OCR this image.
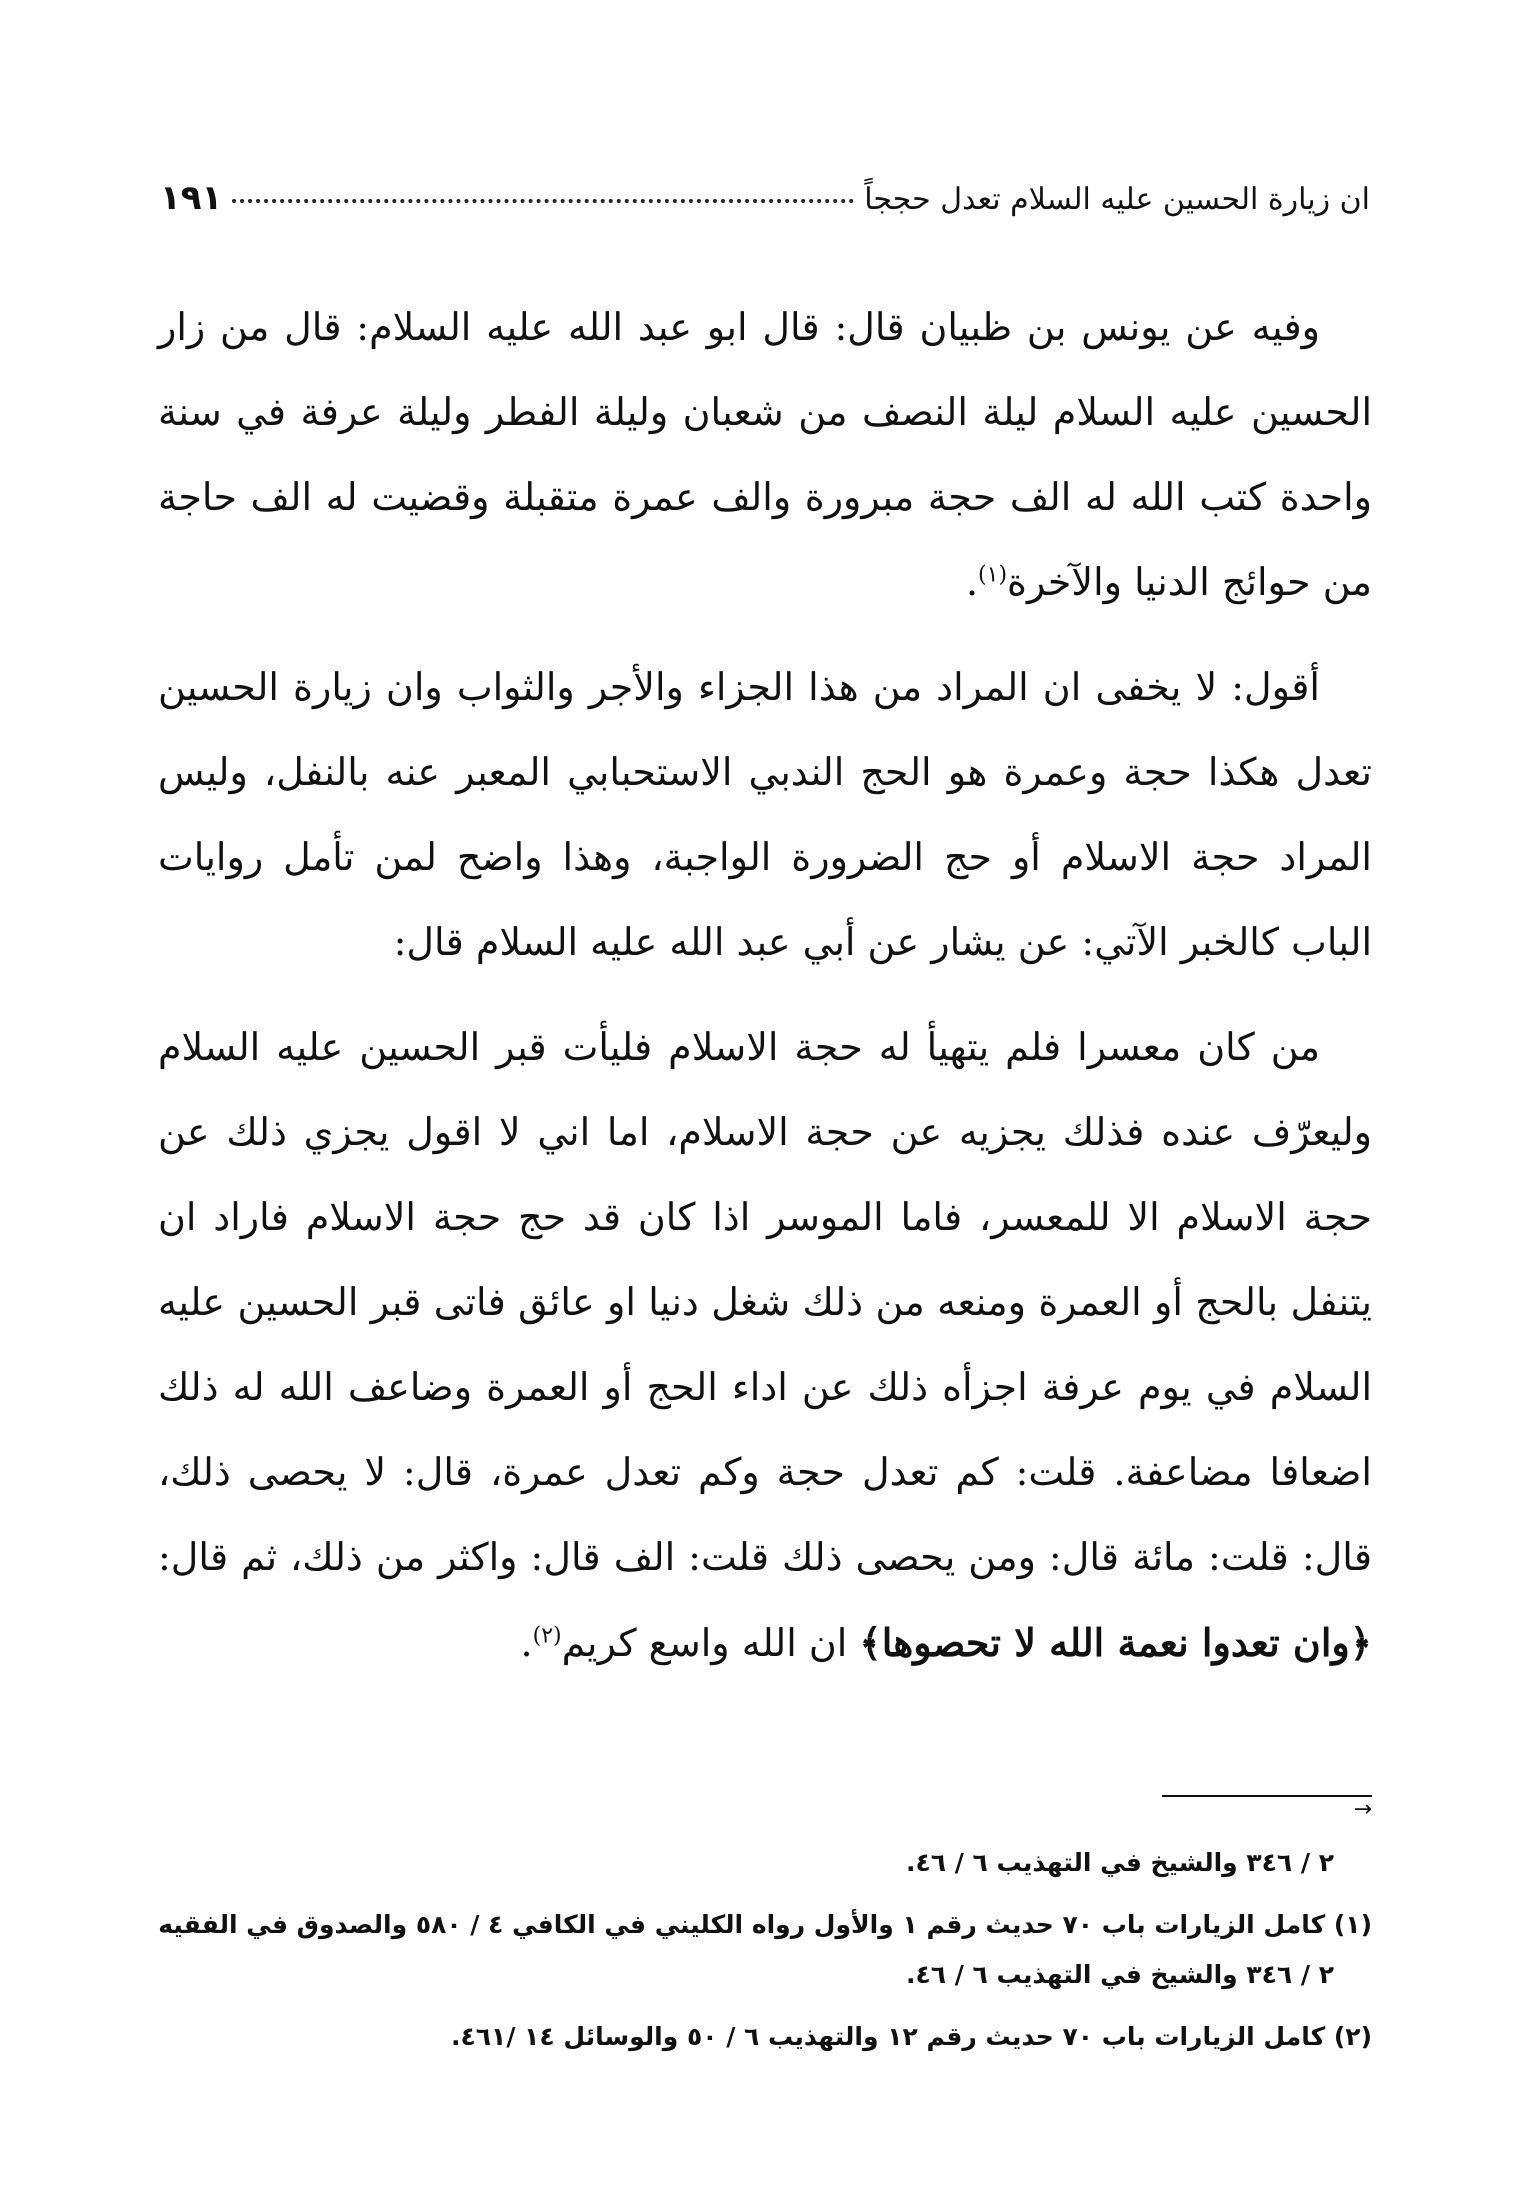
ان زيارة الحسين عليه السلام تعدل حججاً
١٩١

وفيه عن يونس بن ظبيان قال: قال ابو عبد الله عليه السلام: قال من زار الحسين عليه السلام ليلة النصف من شعبان وليلة الفطر وليلة عرفة في سنة واحدة كتب الله له الف حجة مبرورة والف عمرة متقبلة وقضيت له الف حاجة من حوائج الدنيا والآخرة$^{(١)}$.

أقول: لا يخفى ان المراد من هذا الجزاء والأجر والثواب وان زيارة الحسين تعدل هكذا حجة وعمرة هو الحج الندبي الاستحبابي المعبر عنه بالنفل، وليس المراد حجة الاسلام أو حج الضرورة الواجبة، وهذا واضح لمن تأمل روايات الباب كالخبر الآتي: عن يشار عن أبي عبد الله عليه السلام قال:

من كان معسرا فلم يتهيأ له حجة الاسلام فليأت قبر الحسين عليه السلام وليعرّف عنده فذلك يجزيه عن حجة الاسلام، اما اني لا اقول يجزي ذلك عن حجة الاسلام الا للمعسر، فاما الموسر اذا كان قد حج حجة الاسلام فاراد ان يتنفل بالحج أو العمرة ومنعه من ذلك شغل دنيا او عائق فاتى قبر الحسين عليه السلام في يوم عرفة اجزأه ذلك عن اداء الحج أو العمرة وضاعف الله له ذلك اضعافا مضاعفة. قلت: كم تعدل حجة وكم تعدل عمرة، قال: لا يحصى ذلك، قال: قلت: مائة قال: ومن يحصى ذلك قلت: الف قال: واكثر من ذلك، ثم قال: ﴿وان تعدوا نعمة الله لا تحصوها﴾ ان الله واسع كريم$^{(٢)}$.

→

٢ / ٣٤٦ والشيخ في التهذيب ٦ / ٤٦.

(١) كامل الزيارات باب ٧٠ حديث رقم ١ والأول رواه الكليني في الكافي ٤ / ٥٨٠ والصدوق في الفقيه
٢ / ٣٤٦ والشيخ في التهذيب ٦ / ٤٦.
(٢) كامل الزيارات باب ٧٠ حديث رقم ١٢ والتهذيب ٦ / ٥٠ والوسائل ١٤ /٤٦١.
